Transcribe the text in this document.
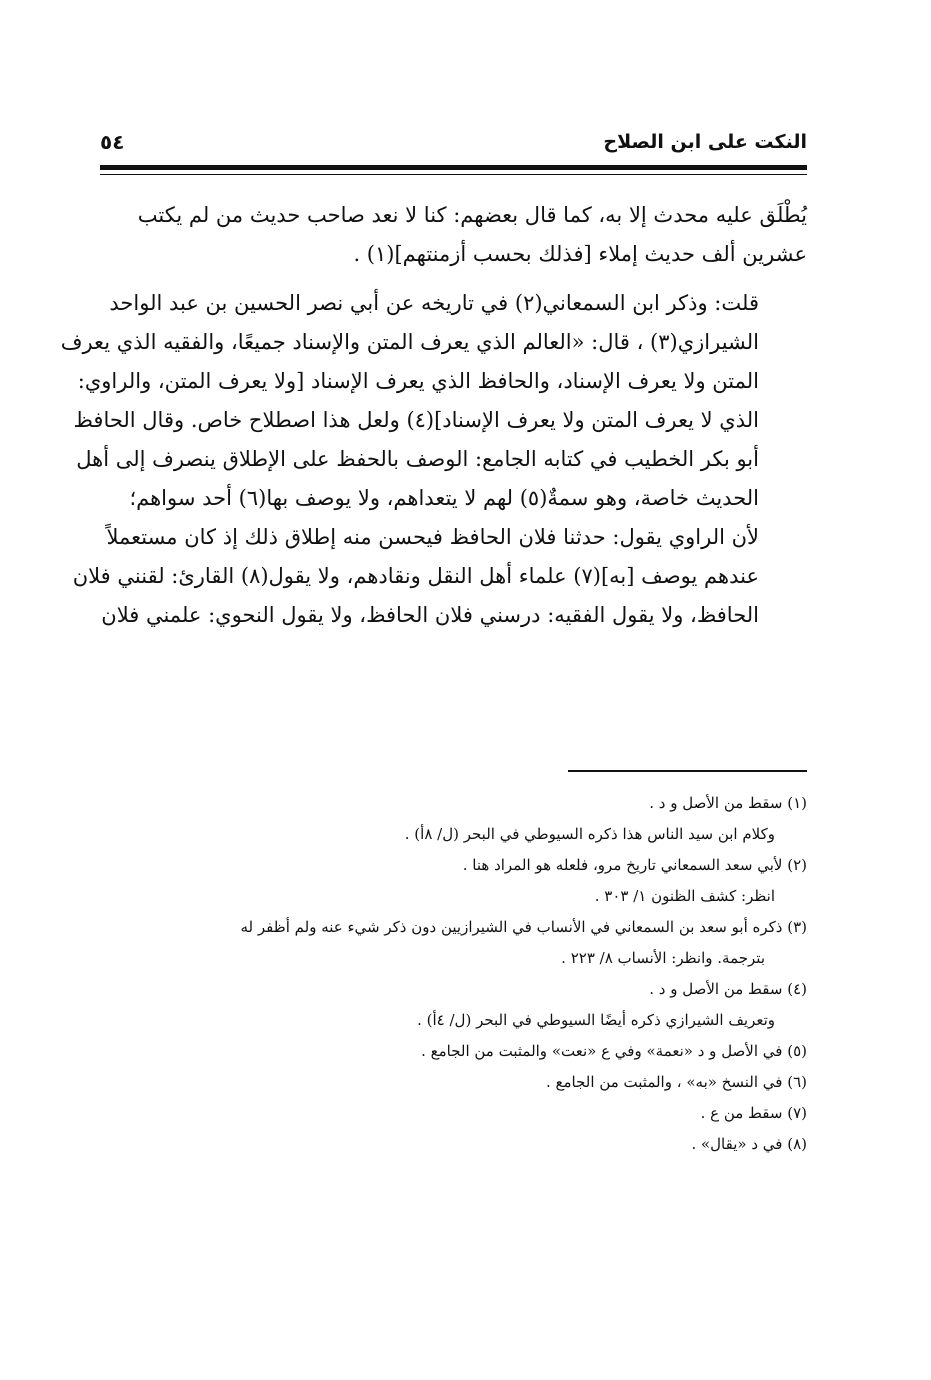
النكت على ابن الصلاح
٥٤

يُطْلَق عليه محدث إلا به، كما قال بعضهم: كنا لا نعد صاحب حديث من لم يكتب
عشرين ألف حديث إملاء [فذلك بحسب أزمنتهم](١) .

قلت: وذكر ابن السمعاني(٢) في تاريخه عن أبي نصر الحسين بن عبد الواحد
الشيرازي(٣) ، قال: «العالم الذي يعرف المتن والإسناد جميعًا، والفقيه الذي يعرف
المتن ولا يعرف الإسناد، والحافظ الذي يعرف الإسناد [ولا يعرف المتن، والراوي:
الذي لا يعرف المتن ولا يعرف الإسناد](٤) ولعل هذا اصطلاح خاص. وقال الحافظ
أبو بكر الخطيب في كتابه الجامع: الوصف بالحفظ على الإطلاق ينصرف إلى أهل
الحديث خاصة، وهو سمةٌ(٥) لهم لا يتعداهم، ولا يوصف بها(٦) أحد سواهم؛
لأن الراوي يقول: حدثنا فلان الحافظ فيحسن منه إطلاق ذلك إذ كان مستعملاً
عندهم يوصف [به](٧) علماء أهل النقل ونقادهم، ولا يقول(٨) القارئ: لقنني فلان
الحافظ، ولا يقول الفقيه: درسني فلان الحافظ، ولا يقول النحوي: علمني فلان

(١) سقط من الأصل و د .
وكلام ابن سيد الناس هذا ذكره السيوطي في البحر (ل/ ٨أ) .
(٢) لأبي سعد السمعاني تاريخ مرو، فلعله هو المراد هنا .
انظر: كشف الظنون ١/ ٣٠٣ .
(٣) ذكره أبو سعد بن السمعاني في الأنساب في الشيرازيين دون ذكر شيء عنه ولم أظفر له
بترجمة. وانظر: الأنساب ٨/ ٢٢٣ .
(٤) سقط من الأصل و د .
وتعريف الشيرازي ذكره أيضًا السيوطي في البحر (ل/ ٤أ) .
(٥) في الأصل و د «نعمة» وفي ع «نعت» والمثبت من الجامع .
(٦) في النسخ «به» ، والمثبت من الجامع .
(٧) سقط من ع .
(٨) في د «يقال» .
